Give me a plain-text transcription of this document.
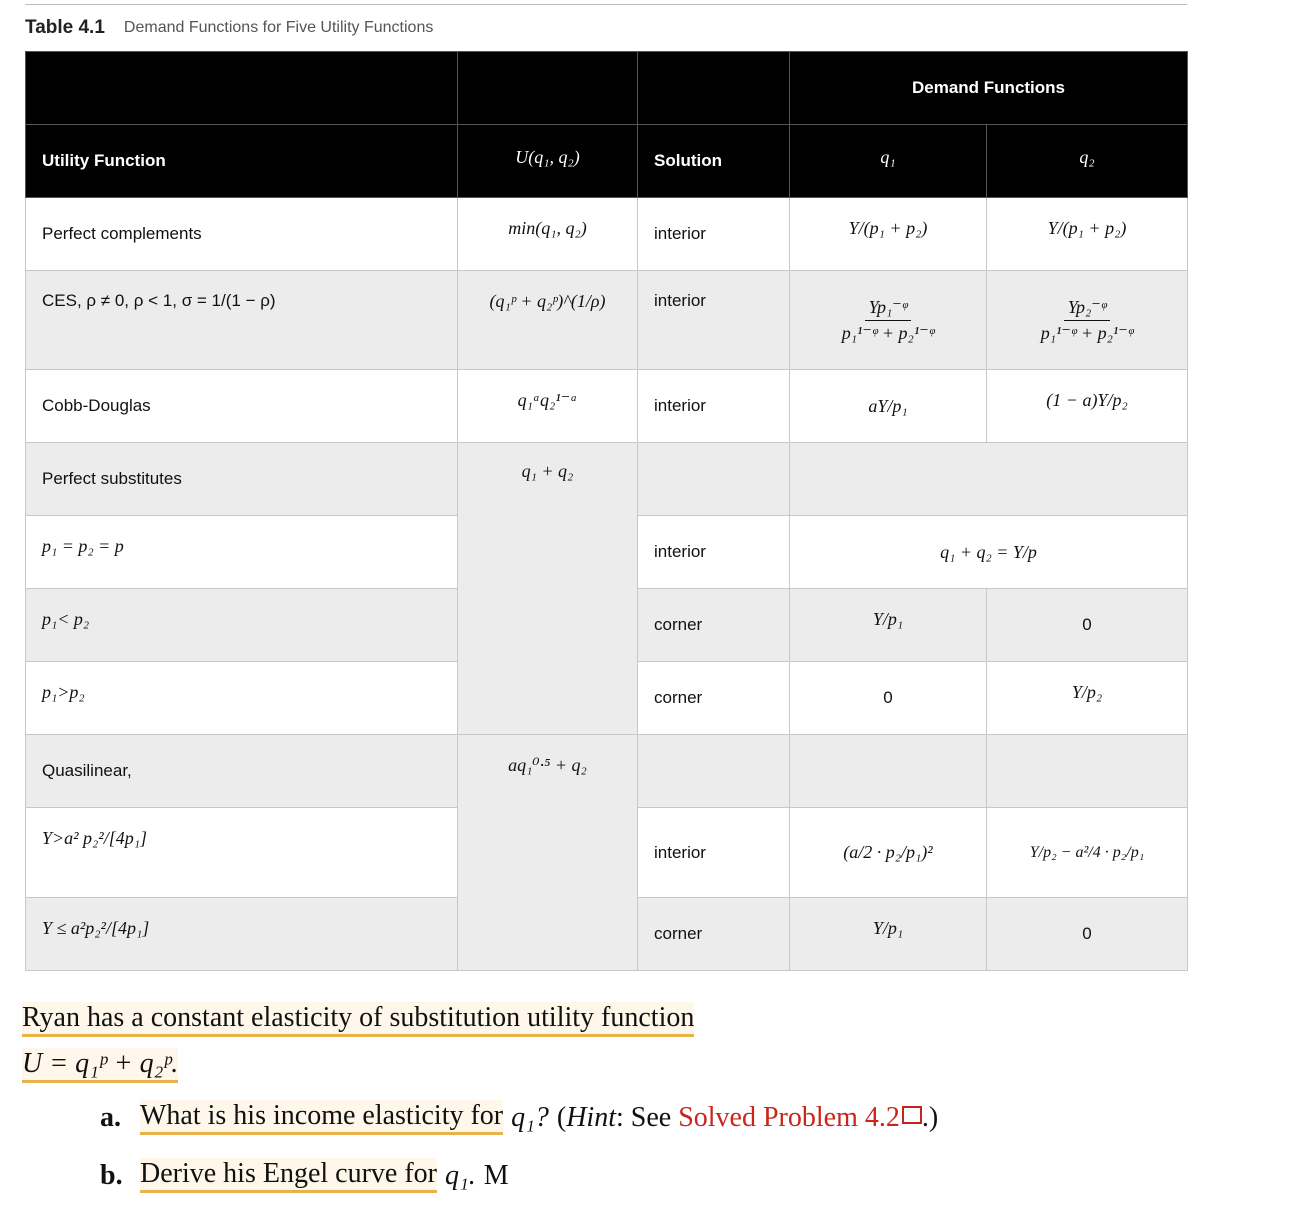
Table 4.1 Demand Functions for Five Utility Functions
			Demand Functions	
Utility Function	U(q₁, q₂)	Solution	q₁	q₂
Perfect complements	min(q₁, q₂)	interior	Y/(p₁ + p₂)	Y/(p₁ + p₂)
CES, ρ ≠ 0, ρ < 1, σ = 1/(1 − ρ)	(q₁ᵖ + q₂ᵖ)^(1/ρ)	interior	$\frac{\text{Yp₁⁻ᵠ}}{\text{p₁¹⁻ᵠ + p₂¹⁻ᵠ}}$	$\frac{\text{Yp₂⁻ᵠ}}{\text{p₁¹⁻ᵠ + p₂¹⁻ᵠ}}$

Cobb-Douglas	q₁ᵃq₂¹⁻ᵃ	interior	aY/p₁	(1 − a)Y/p₂
Perfect substitutes	q₁ + q₂			
p₁ = p₂ = p		interior	q₁ + q₂ = Y/p	
p₁< p₂		corner	Y/p₁	0
p₁>p₂		corner	0	Y/p₂
Quasilinear,	aq₁⁰·⁵ + q₂			
Y>a² p₂²/[4p₁]		interior	(a/2 · p₂/p₁)²	Y/p₂ − a²/4 · p₂/p₁
Y ≤ a²p₂²/[4p₁]		corner	Y/p₁	0
Ryan has a constant elasticity of substitution utility function
U = q₁ᵖ + q₂ᵖ.
a. What is his income elasticity for q₁? (Hint: See Solved Problem 4.2 .)
b. Derive his Engel curve for q₁. M
